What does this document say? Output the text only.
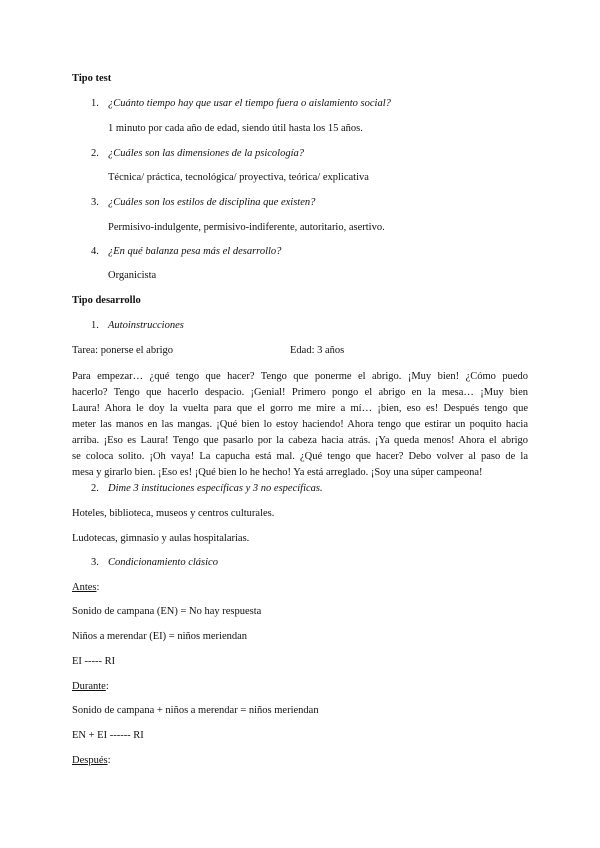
Tipo test
1. ¿Cuánto tiempo hay que usar el tiempo fuera o aislamiento social?
1 minuto por cada año de edad, siendo útil hasta los 15 años.
2. ¿Cuáles son las dimensiones de la psicología?
Técnica/ práctica, tecnológica/ proyectiva, teórica/ explicativa
3. ¿Cuáles son los estilos de disciplina que existen?
Permisivo-indulgente, permisivo-indiferente, autoritario, asertivo.
4. ¿En qué balanza pesa más el desarrollo?
Organicista
Tipo desarrollo
1. Autoinstrucciones
Tarea: ponerse el abrigo	Edad: 3 años
Para empezar… ¿qué tengo que hacer? Tengo que ponerme el abrigo. ¡Muy bien! ¿Cómo puedo
hacerlo? Tengo que hacerlo despacio. ¡Genial! Primero pongo el abrigo en la mesa… ¡Muy bien
Laura! Ahora le doy la vuelta para que el gorro me mire a mí… ¡bien, eso es! Después tengo que
meter las manos en las mangas. ¡Qué bien lo estoy haciendo! Ahora tengo que estirar un poquito hacia
arriba. ¡Eso es Laura! Tengo que pasarlo por la cabeza hacia atrás. ¡Ya queda menos! Ahora el abrigo
se coloca solito. ¡Oh vaya! La capucha está mal. ¿Qué tengo que hacer? Debo volver al paso de la
mesa y girarlo bien. ¡Eso es! ¡Qué bien lo he hecho! Ya está arreglado. ¡Soy una súper campeona!
2. Dime 3 instituciones específicas y 3 no específicas.
Hoteles, biblioteca, museos y centros culturales.
Ludotecas, gimnasio y aulas hospitalarias.
3. Condicionamiento clásico
Antes:
Sonido de campana (EN) = No hay respuesta
Niños a merendar (EI) = niños meriendan
EI ----- RI
Durante:
Sonido de campana + niños a merendar = niños meriendan
EN + EI ------ RI
Después:
